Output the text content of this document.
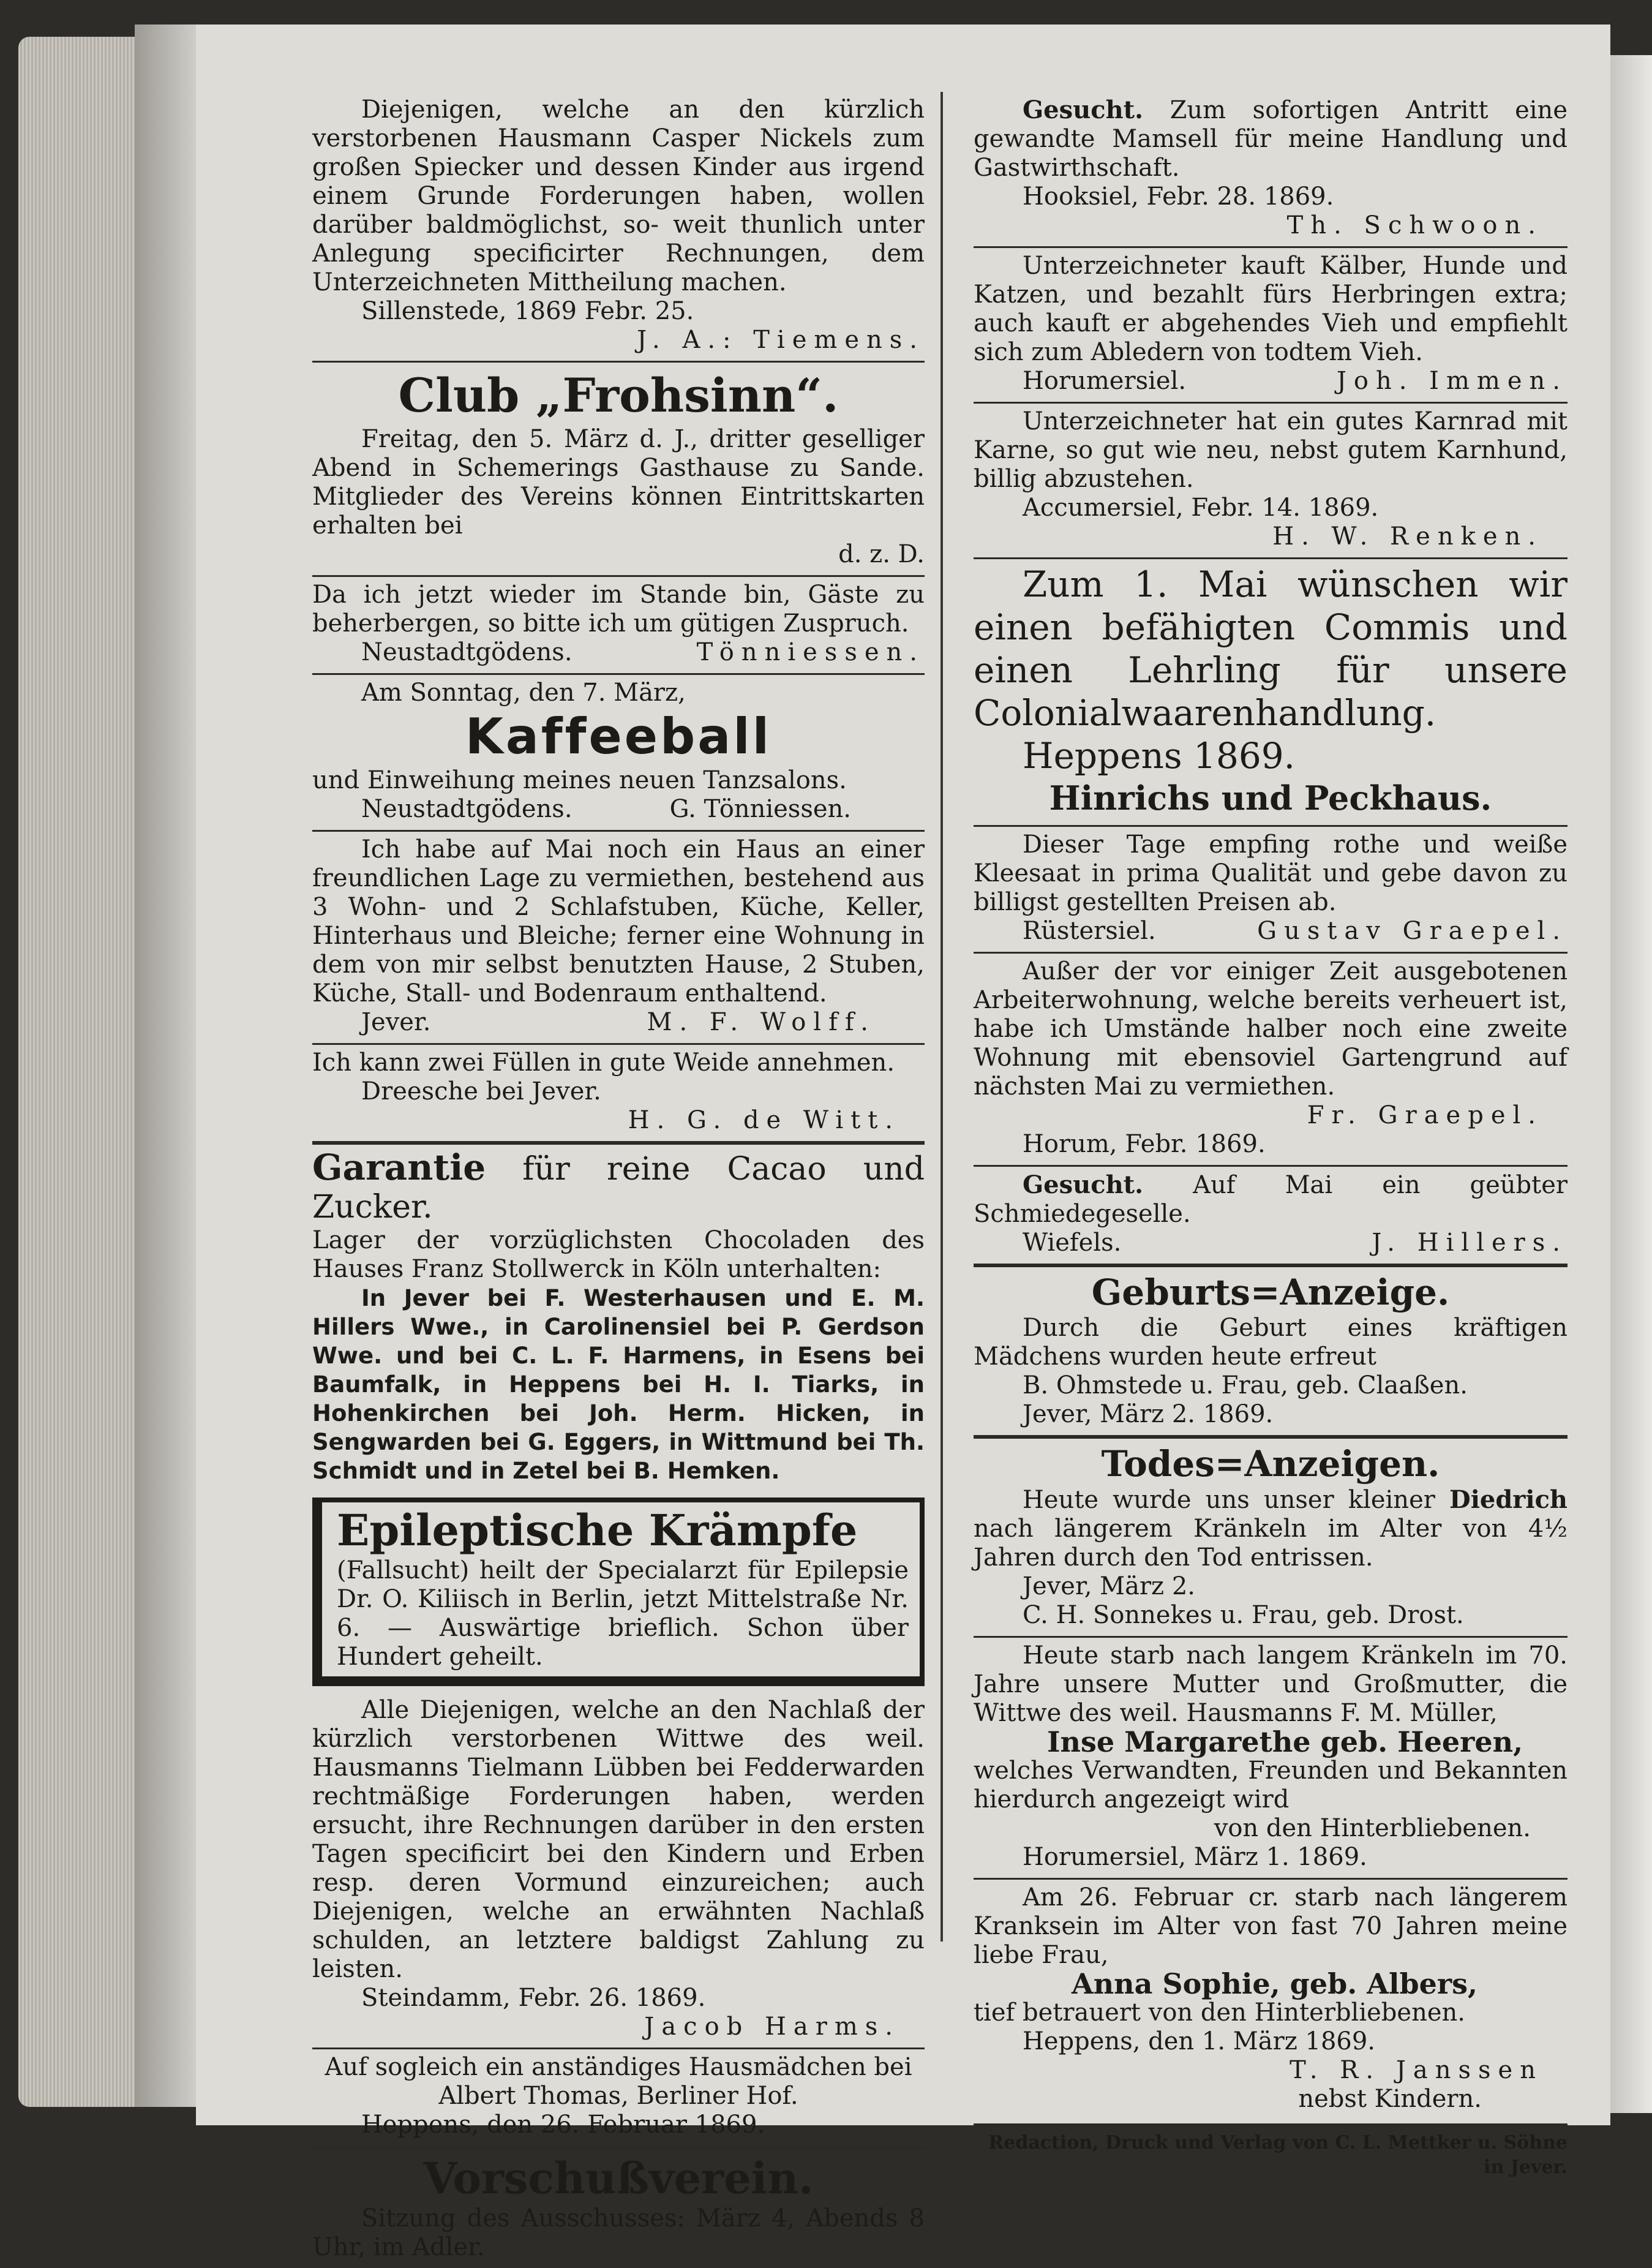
Diejenigen, welche an den kürzlich verstorbenen Hausmann Casper Nickels zum großen Spiecker und dessen Kinder aus irgend einem Grunde Forderungen haben, wollen darüber baldmöglichst, so- weit thunlich unter Anlegung specificirter Rechnungen, dem Unterzeichneten Mittheilung machen.

Sillenstede, 1869 Febr. 25.

J. A.: Tiemens.

Club „Frohsinn“.

Freitag, den 5. März d. J., dritter geselliger Abend in Schemerings Gasthause zu Sande. Mitglieder des Vereins können Eintrittskarten erhalten bei

d. z. D.

Da ich jetzt wieder im Stande bin, Gäste zu beherbergen, so bitte ich um gütigen Zuspruch.

Neustadtgödens.	Tönniessen.

Am Sonntag, den 7. März,

Kaffeeball

und Einweihung meines neuen Tanzsalons.

Neustadtgödens.	G. Tönniessen.

Ich habe auf Mai noch ein Haus an einer freundlichen Lage zu vermiethen, bestehend aus 3 Wohn- und 2 Schlafstuben, Küche, Keller, Hinterhaus und Bleiche; ferner eine Wohnung in dem von mir selbst benutzten Hause, 2 Stuben, Küche, Stall- und Bodenraum enthaltend.

Jever.	M. F. Wolff.

Ich kann zwei Füllen in gute Weide annehmen.

Dreesche bei Jever.

H. G. de Witt.

Garantie für reine Cacao und Zucker.

Lager der vorzüglichsten Chocoladen des Hauses Franz Stollwerck in Köln unterhalten:

In Jever bei F. Westerhausen und E. M. Hillers Wwe., in Carolinensiel bei P. Gerdson Wwe. und bei C. L. F. Harmens, in Esens bei Baumfalk, in Heppens bei H. I. Tiarks, in Hohenkirchen bei Joh. Herm. Hicken, in Sengwarden bei G. Eggers, in Wittmund bei Th. Schmidt und in Zetel bei B. Hemken.

Epileptische Krämpfe

(Fallsucht) heilt der Specialarzt für Epilepsie Dr. O. Kiliisch in Berlin, jetzt Mittelstraße Nr. 6. — Auswärtige brieflich. Schon über Hundert geheilt.

Alle Diejenigen, welche an den Nachlaß der kürzlich verstorbenen Wittwe des weil. Hausmanns Tielmann Lübben bei Fedderwarden rechtmäßige Forderungen haben, werden ersucht, ihre Rechnungen darüber in den ersten Tagen specificirt bei den Kindern und Erben resp. deren Vormund einzureichen; auch Diejenigen, welche an erwähnten Nachlaß schulden, an letztere baldigst Zahlung zu leisten.

Steindamm, Febr. 26. 1869.

Jacob Harms.

Auf sogleich ein anständiges Hausmädchen bei

Albert Thomas, Berliner Hof.

Heppens, den 26. Februar 1869.

Vorschußverein.

Sitzung des Ausschusses: März 4, Abends 8 Uhr, im Adler.

Gesucht. Zum sofortigen Antritt eine gewandte Mamsell für meine Handlung und Gastwirthschaft.

Hooksiel, Febr. 28. 1869.

Th. Schwoon.

Unterzeichneter kauft Kälber, Hunde und Katzen, und bezahlt fürs Herbringen extra; auch kauft er abgehendes Vieh und empfiehlt sich zum Abledern von todtem Vieh.

Horumersiel.	Joh. Immen.

Unterzeichneter hat ein gutes Karnrad mit Karne, so gut wie neu, nebst gutem Karnhund, billig abzustehen.

Accumersiel, Febr. 14. 1869.

H. W. Renken.

Zum 1. Mai wünschen wir einen befähigten Commis und einen Lehrling für unsere Colonialwaarenhandlung.

Heppens 1869.

Hinrichs und Peckhaus.

Dieser Tage empfing rothe und weiße Kleesaat in prima Qualität und gebe davon zu billigst gestellten Preisen ab.

Rüstersiel.	Gustav Graepel.

Außer der vor einiger Zeit ausgebotenen Arbeiterwohnung, welche bereits verheuert ist, habe ich Umstände halber noch eine zweite Wohnung mit ebensoviel Gartengrund auf nächsten Mai zu vermiethen.

Fr. Graepel.

Horum, Febr. 1869.

Gesucht. Auf Mai ein geübter Schmiedegeselle.

Wiefels.	J. Hillers.
Geburts=Anzeige.

Durch die Geburt eines kräftigen Mädchens wurden heute erfreut

B. Ohmstede u. Frau, geb. Claaßen.

Jever, März 2. 1869.

Todes=Anzeigen.

Heute wurde uns unser kleiner Diedrich nach längerem Kränkeln im Alter von 4½ Jahren durch den Tod entrissen.

Jever, März 2.

C. H. Sonnekes u. Frau, geb. Drost.

Heute starb nach langem Kränkeln im 70. Jahre unsere Mutter und Großmutter, die Wittwe des weil. Hausmanns F. M. Müller,

Inse Margarethe geb. Heeren,

welches Verwandten, Freunden und Bekannten hierdurch angezeigt wird

von den Hinterbliebenen.

Horumersiel, März 1. 1869.

Am 26. Februar cr. starb nach längerem Kranksein im Alter von fast 70 Jahren meine liebe Frau,

Anna Sophie, geb. Albers,

tief betrauert von den Hinterbliebenen.

Heppens, den 1. März 1869.

T. R. Janssen

nebst Kindern.

Redaction, Druck und Verlag von C. L. Mettker u. Söhne in Jever.
